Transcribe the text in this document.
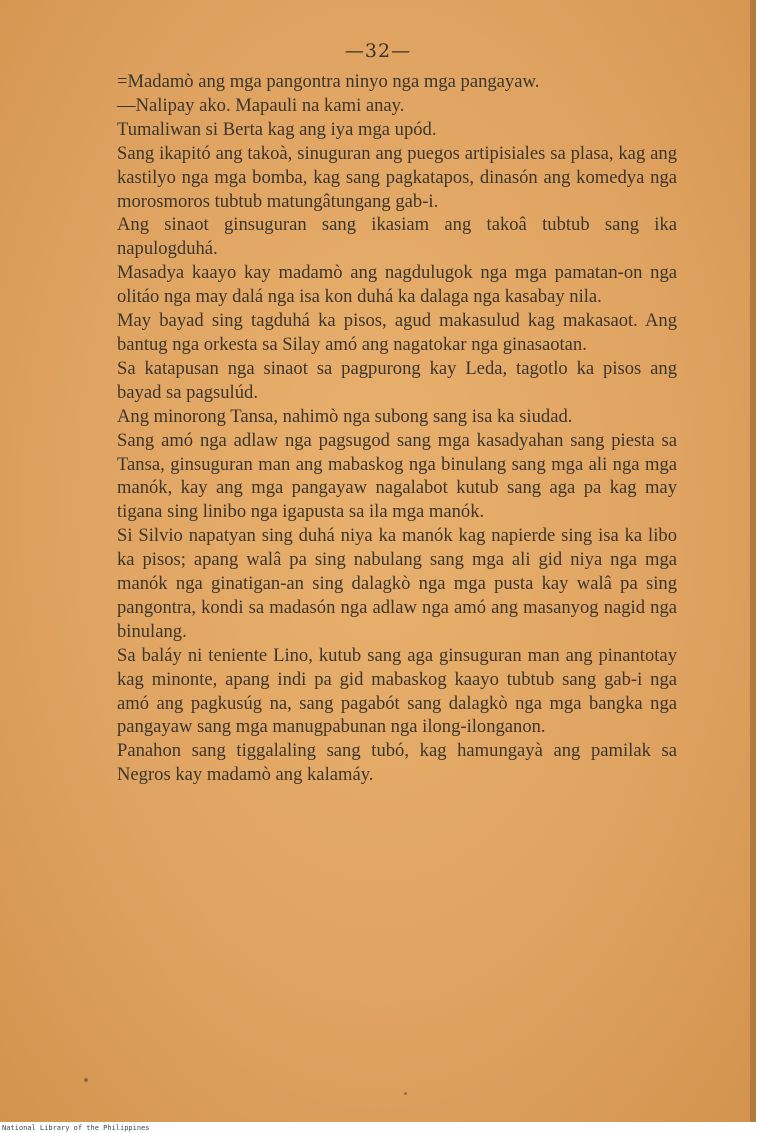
—32—

=Madamò ang mga pangontra ninyo nga mga pangayaw.

—Nalipay ako. Mapauli na kami anay.

Tumaliwan si Berta kag ang iya mga upód.

Sang ikapitó ang takoà, sinuguran ang puegos artipisiales sa plasa, kag ang kastilyo nga mga bomba, kag sang pagkatapos, dinasón ang komedya nga morosmoros tubtub matungâtungang gab-i.

Ang sinaot ginsuguran sang ikasiam ang takoâ tubtub sang ika napulogduhá.

Masadya kaayo kay madamò ang nagdulugok nga mga pamatan-on nga olitáo nga may dalá nga isa kon duhá ka dalaga nga kasabay nila.

May bayad sing tagduhá ka pisos, agud makasulud kag makasaot. Ang bantug nga orkesta sa Silay amó ang nagatokar nga ginasaotan.

Sa katapusan nga sinaot sa pagpurong kay Leda, tagotlo ka pisos ang bayad sa pagsulúd.

Ang minorong Tansa, nahimò nga subong sang isa ka siudad.

Sang amó nga adlaw nga pagsugod sang mga kasadyahan sang piesta sa Tansa, ginsuguran man ang mabaskog nga binulang sang mga ali nga mga manók, kay ang mga pangayaw nagalabot kutub sang aga pa kag may tigana sing linibo nga igapusta sa ila mga manók.

Si Silvio napatyan sing duhá niya ka manók kag napierde sing isa ka libo ka pisos; apang walâ pa sing nabulang sang mga ali gid niya nga mga manók nga ginatigan-an sing dalagkò nga mga pusta kay walâ pa sing pangontra, kondi sa madasón nga adlaw nga amó ang masanyog nagid nga binulang.

Sa baláy ni teniente Lino, kutub sang aga ginsuguran man ang pinantotay kag minonte, apang indi pa gid mabaskog kaayo tubtub sang gab-i nga amó ang pagkusúg na, sang pagabót sang dalagkò nga mga bangka nga pangayaw sang mga manugpabunan nga ilong-ilonganon.

Panahon sang tiggalaling sang tubó, kag hamungayà ang pamilak sa Negros kay madamò ang kalamáy.

National Library of the Philippines
